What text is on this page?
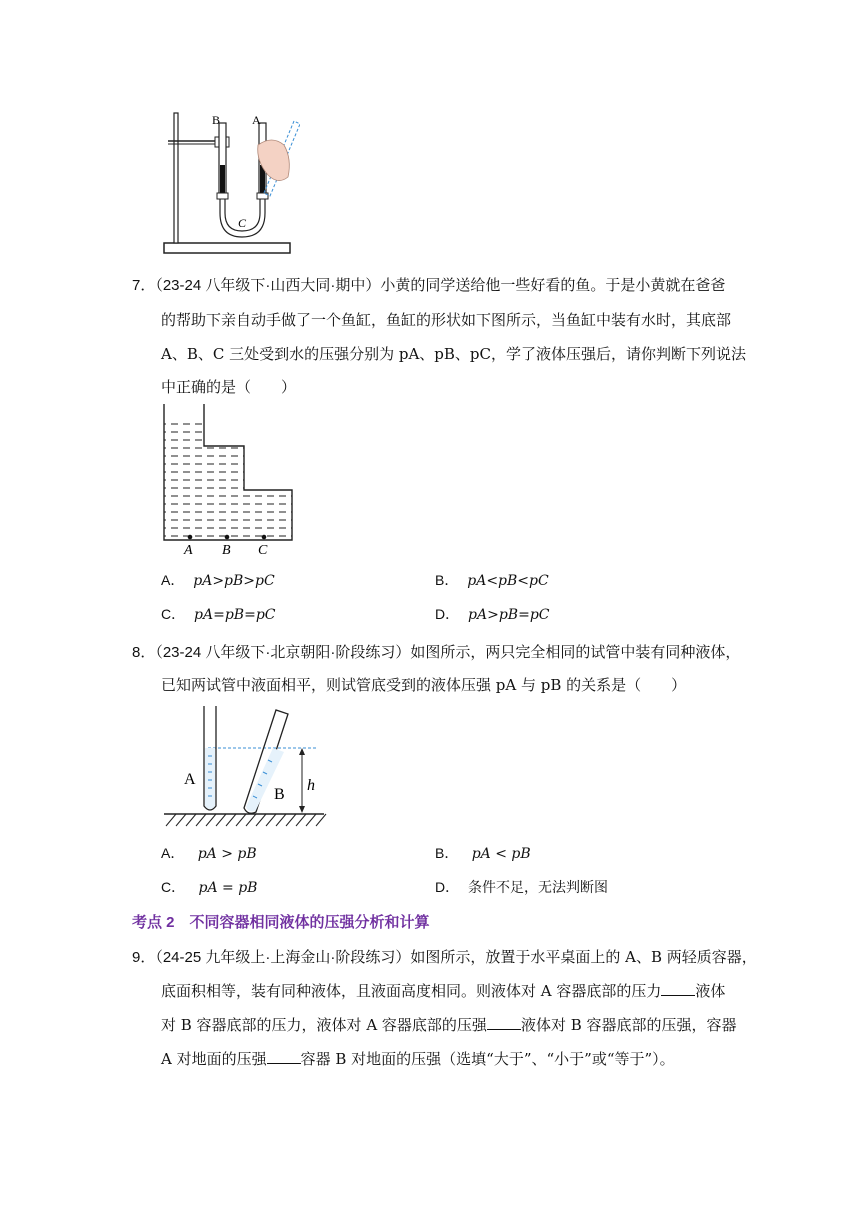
B	A
C
7．（23-24 八年级下·山西大同·期中）小黄的同学送给他一些好看的鱼。于是小黄就在爸爸
的帮助下亲自动手做了一个鱼缸，鱼缸的形状如下图所示，当鱼缸中装有水时，其底部
A、B、C 三处受到水的压强分别为 pA、pB、pC，学了液体压强后，请你判断下列说法
中正确的是（　　）
A B C
A． pA>pB>pC	B． pA<pB<pC
C． pA=pB=pC	D． pA>pB=pC
8．（23-24 八年级下·北京朝阳·阶段练习）如图所示，两只完全相同的试管中装有同种液体，
已知两试管中液面相平，则试管底受到的液体压强 pA 与 pB 的关系是（　　）
A
B
h
A． pA > pB	B． pA < pB
C． pA = pB	D． 条件不足，无法判断图
考点 2　不同容器相同液体的压强分析和计算
9．（24-25 九年级上·上海金山·阶段练习）如图所示，放置于水平桌面上的 A、B 两轻质容器，
底面积相等，装有同种液体，且液面高度相同。则液体对 A 容器底部的压力 液体
对 B 容器底部的压力，液体对 A 容器底部的压强 液体对 B 容器底部的压强，容器
A 对地面的压强 容器 B 对地面的压强（选填“大于”、“小于”或“等于”）。
